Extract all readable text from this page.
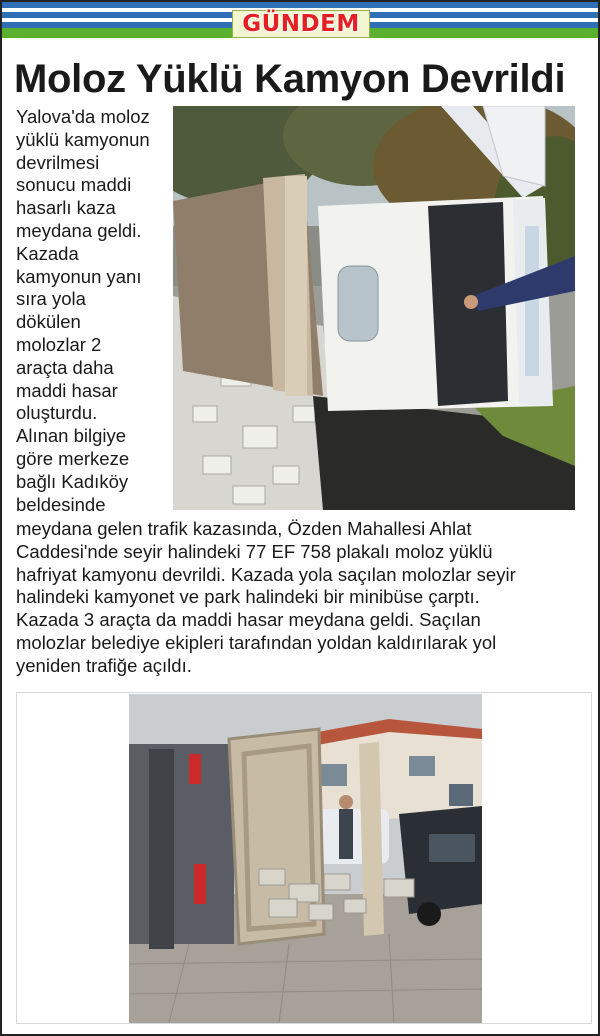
GÜNDEM
Moloz Yüklü Kamyon Devrildi
Yalova'da moloz
yüklü kamyonun
devrilmesi
sonucu maddi
hasarlı kaza
meydana geldi.
Kazada
kamyonun yanı
sıra yola
dökülen
molozlar 2
araçta daha
maddi hasar
oluşturdu.
Alınan bilgiye
göre merkeze
bağlı Kadıköy
beldesinde
meydana gelen trafik kazasında, Özden Mahallesi Ahlat
Caddesi'nde seyir halindeki 77 EF 758 plakalı moloz yüklü
hafriyat kamyonu devrildi. Kazada yola saçılan molozlar seyir
halindeki kamyonet ve park halindeki bir minibüse çarptı.
Kazada 3 araçta da maddi hasar meydana geldi. Saçılan
molozlar belediye ekipleri tarafından yoldan kaldırılarak yol
yeniden trafiğe açıldı.
